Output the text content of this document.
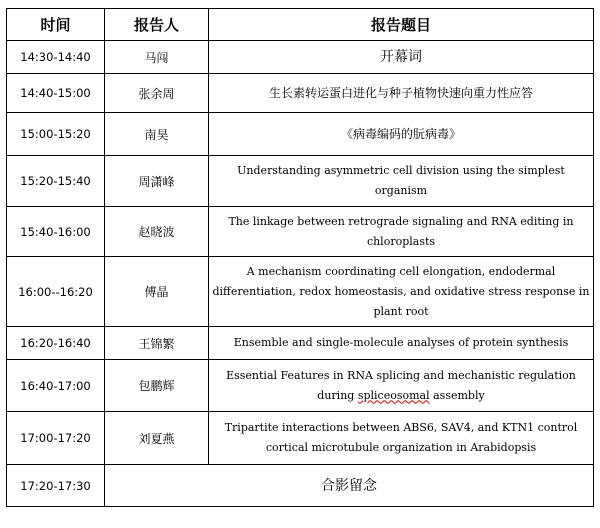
时间	报告人	报告题目
14:30-14:40	马闯	开幕词
14:40-15:00	张余周	生长素转运蛋白进化与种子植物快速向重力性应答
15:00-15:20	南昊	《病毒编码的朊病毒》
15:20-15:40	周潇峰	Understanding asymmetric cell division using the simplest organism
15:40-16:00	赵晓波	The linkage between retrograde signaling and RNA editing in chloroplasts
16:00--16:20	傅晶	A mechanism coordinating cell elongation, endodermal differentiation, redox homeostasis, and oxidative stress response in plant root
16:20-16:40	王锦繁	Ensemble and single-molecule analyses of protein synthesis
16:40-17:00	包鹏辉	Essential Features in RNA splicing and mechanistic regulation during spliceosomal assembly
17:00-17:20	刘夏燕	Tripartite interactions between ABS6, SAV4, and KTN1 control cortical microtubule organization in Arabidopsis
17:20-17:30	合影留念	
